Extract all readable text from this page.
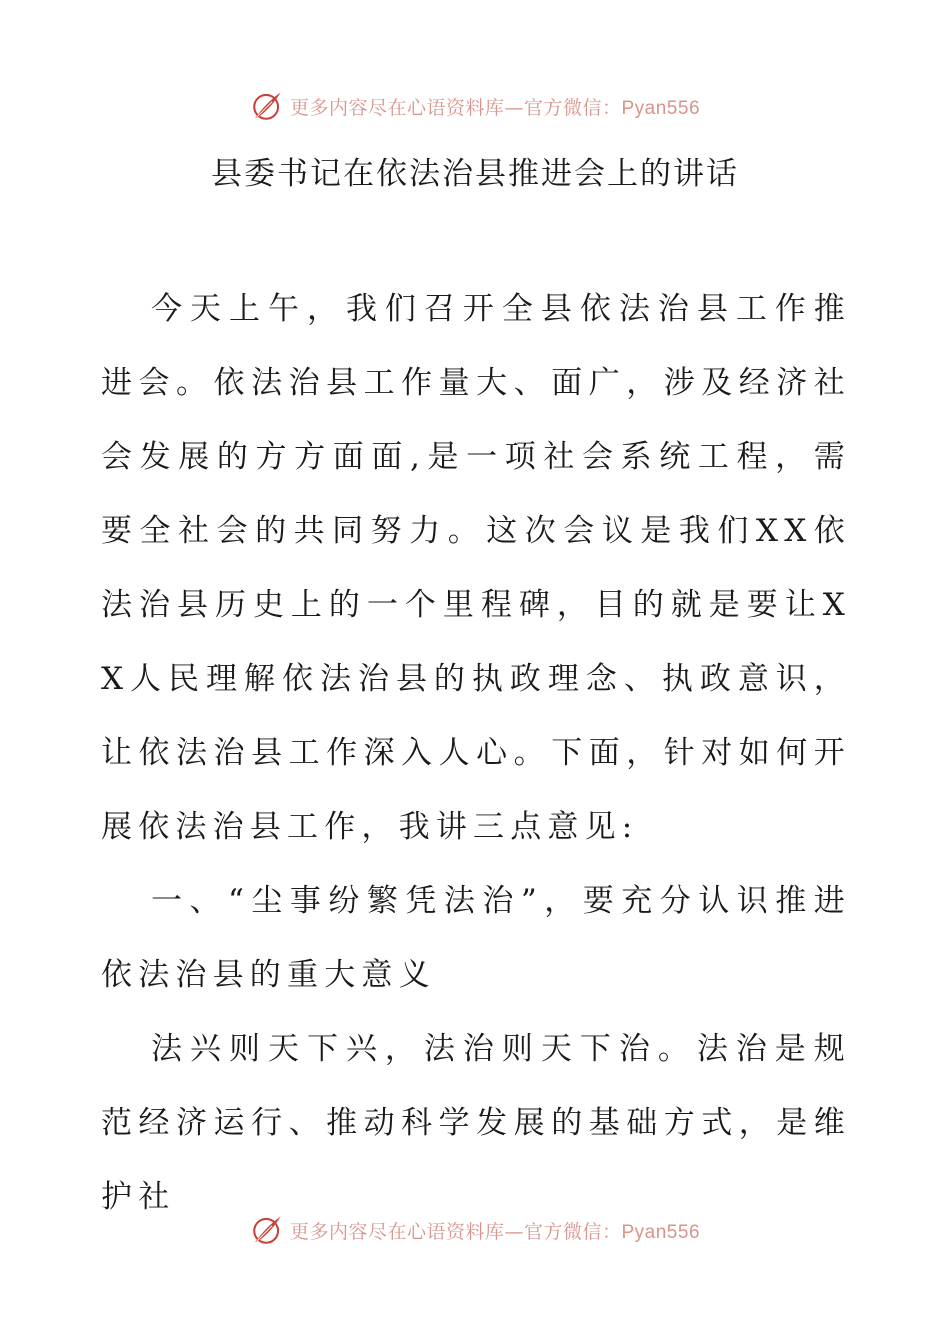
更多内容尽在心语资料库—官方微信：Pyan556
县委书记在依法治县推进会上的讲话

今天上午，我们召开全县依法治县工作推进会。依法治县工作量大、面广，涉及经济社会发展的方方面面,是一项社会系统工程，需要全社会的共同努力。这次会议是我们XX依法治县历史上的一个里程碑，目的就是要让XX人民理解依法治县的执政理念、执政意识，让依法治县工作深入人心。下面，针对如何开展依法治县工作，我讲三点意见:

一、“尘事纷繁凭法治”，要充分认识推进依法治县的重大意义

法兴则天下兴，法治则天下治。法治是规范经济运行、推动科学发展的基础方式，是维护社

更多内容尽在心语资料库—官方微信：Pyan556
